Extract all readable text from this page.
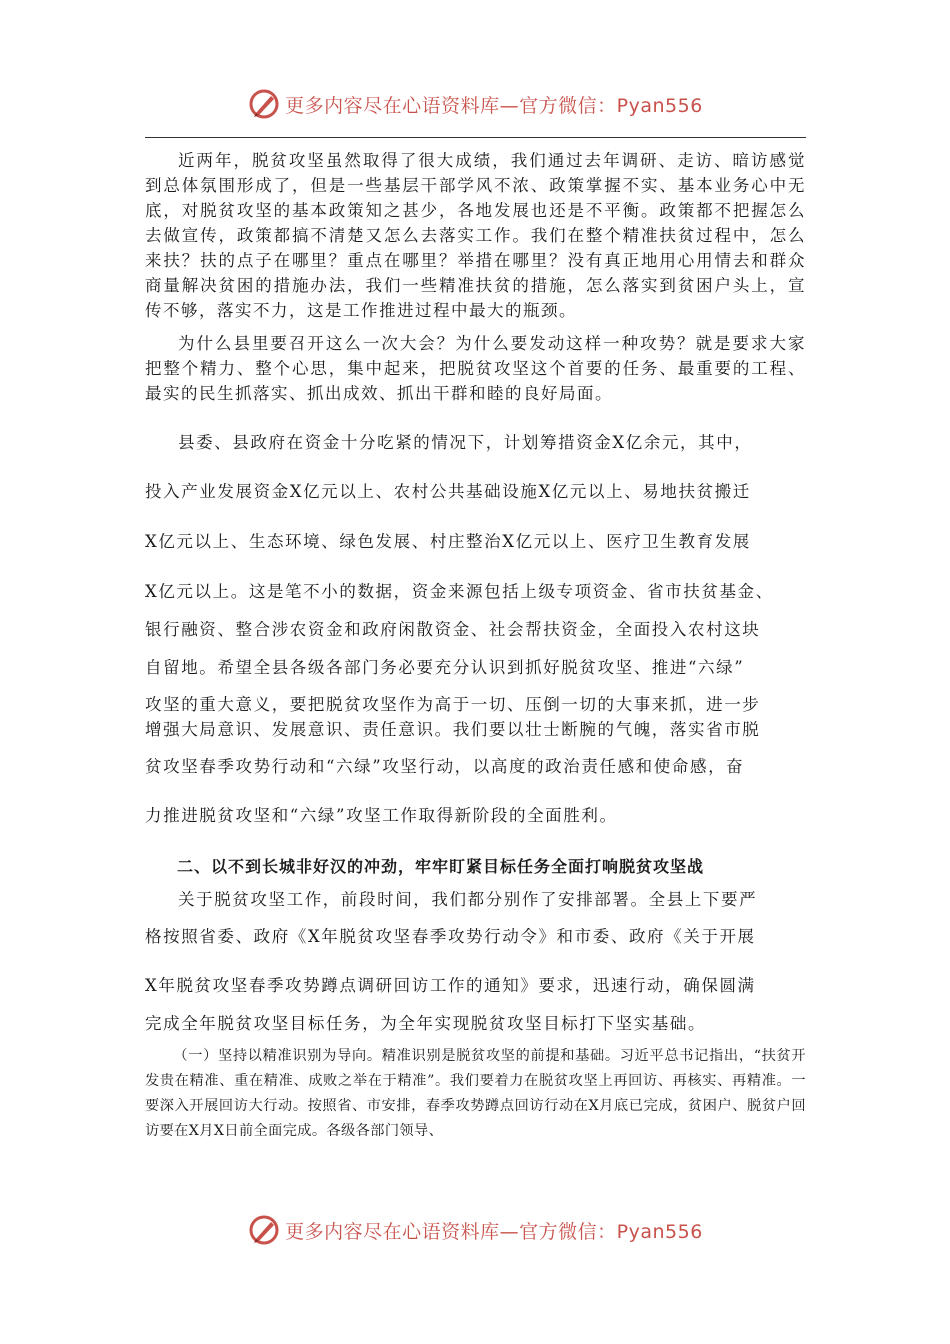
更多内容尽在心语资料库—官方微信：Pyan556

近两年，脱贫攻坚虽然取得了很大成绩，我们通过去年调研、走访、暗访感觉到总体氛围形成了，但是一些基层干部学风不浓、政策掌握不实、基本业务心中无底，对脱贫攻坚的基本政策知之甚少，各地发展也还是不平衡。政策都不把握怎么去做宣传，政策都搞不清楚又怎么去落实工作。我们在整个精准扶贫过程中，怎么来扶？扶的点子在哪里？重点在哪里？举措在哪里？没有真正地用心用情去和群众商量解决贫困的措施办法，我们一些精准扶贫的措施，怎么落实到贫困户头上，宣传不够，落实不力，这是工作推进过程中最大的瓶颈。

为什么县里要召开这么一次大会？为什么要发动这样一种攻势？就是要求大家把整个精力、整个心思，集中起来，把脱贫攻坚这个首要的任务、最重要的工程、最实的民生抓落实、抓出成效、抓出干群和睦的良好局面。

县委、县政府在资金十分吃紧的情况下，计划筹措资金X亿余元，其中，
投入产业发展资金X亿元以上、农村公共基础设施X亿元以上、易地扶贫搬迁
X亿元以上、生态环境、绿色发展、村庄整治X亿元以上、医疗卫生教育发展
X亿元以上。这是笔不小的数据，资金来源包括上级专项资金、省市扶贫基金、
银行融资、整合涉农资金和政府闲散资金、社会帮扶资金，全面投入农村这块
自留地。希望全县各级各部门务必要充分认识到抓好脱贫攻坚、推进“六绿”
攻坚的重大意义，要把脱贫攻坚作为高于一切、压倒一切的大事来抓，进一步
增强大局意识、发展意识、责任意识。我们要以壮士断腕的气魄，落实省市脱
贫攻坚春季攻势行动和“六绿”攻坚行动，以高度的政治责任感和使命感，奋
力推进脱贫攻坚和“六绿”攻坚工作取得新阶段的全面胜利。
二、以不到长城非好汉的冲劲，牢牢盯紧目标任务全面打响脱贫攻坚战
关于脱贫攻坚工作，前段时间，我们都分别作了安排部署。全县上下要严
格按照省委、政府《X年脱贫攻坚春季攻势行动令》和市委、政府《关于开展
X年脱贫攻坚春季攻势蹲点调研回访工作的通知》要求，迅速行动，确保圆满
完成全年脱贫攻坚目标任务，为全年实现脱贫攻坚目标打下坚实基础。

（一）坚持以精准识别为导向。精准识别是脱贫攻坚的前提和基础。习近平总书记指出，“扶贫开发贵在精准、重在精准、成败之举在于精准”。我们要着力在脱贫攻坚上再回访、再核实、再精准。一要深入开展回访大行动。按照省、市安排，春季攻势蹲点回访行动在X月底已完成，贫困户、脱贫户回访要在X月X日前全面完成。各级各部门领导、

更多内容尽在心语资料库—官方微信：Pyan556
